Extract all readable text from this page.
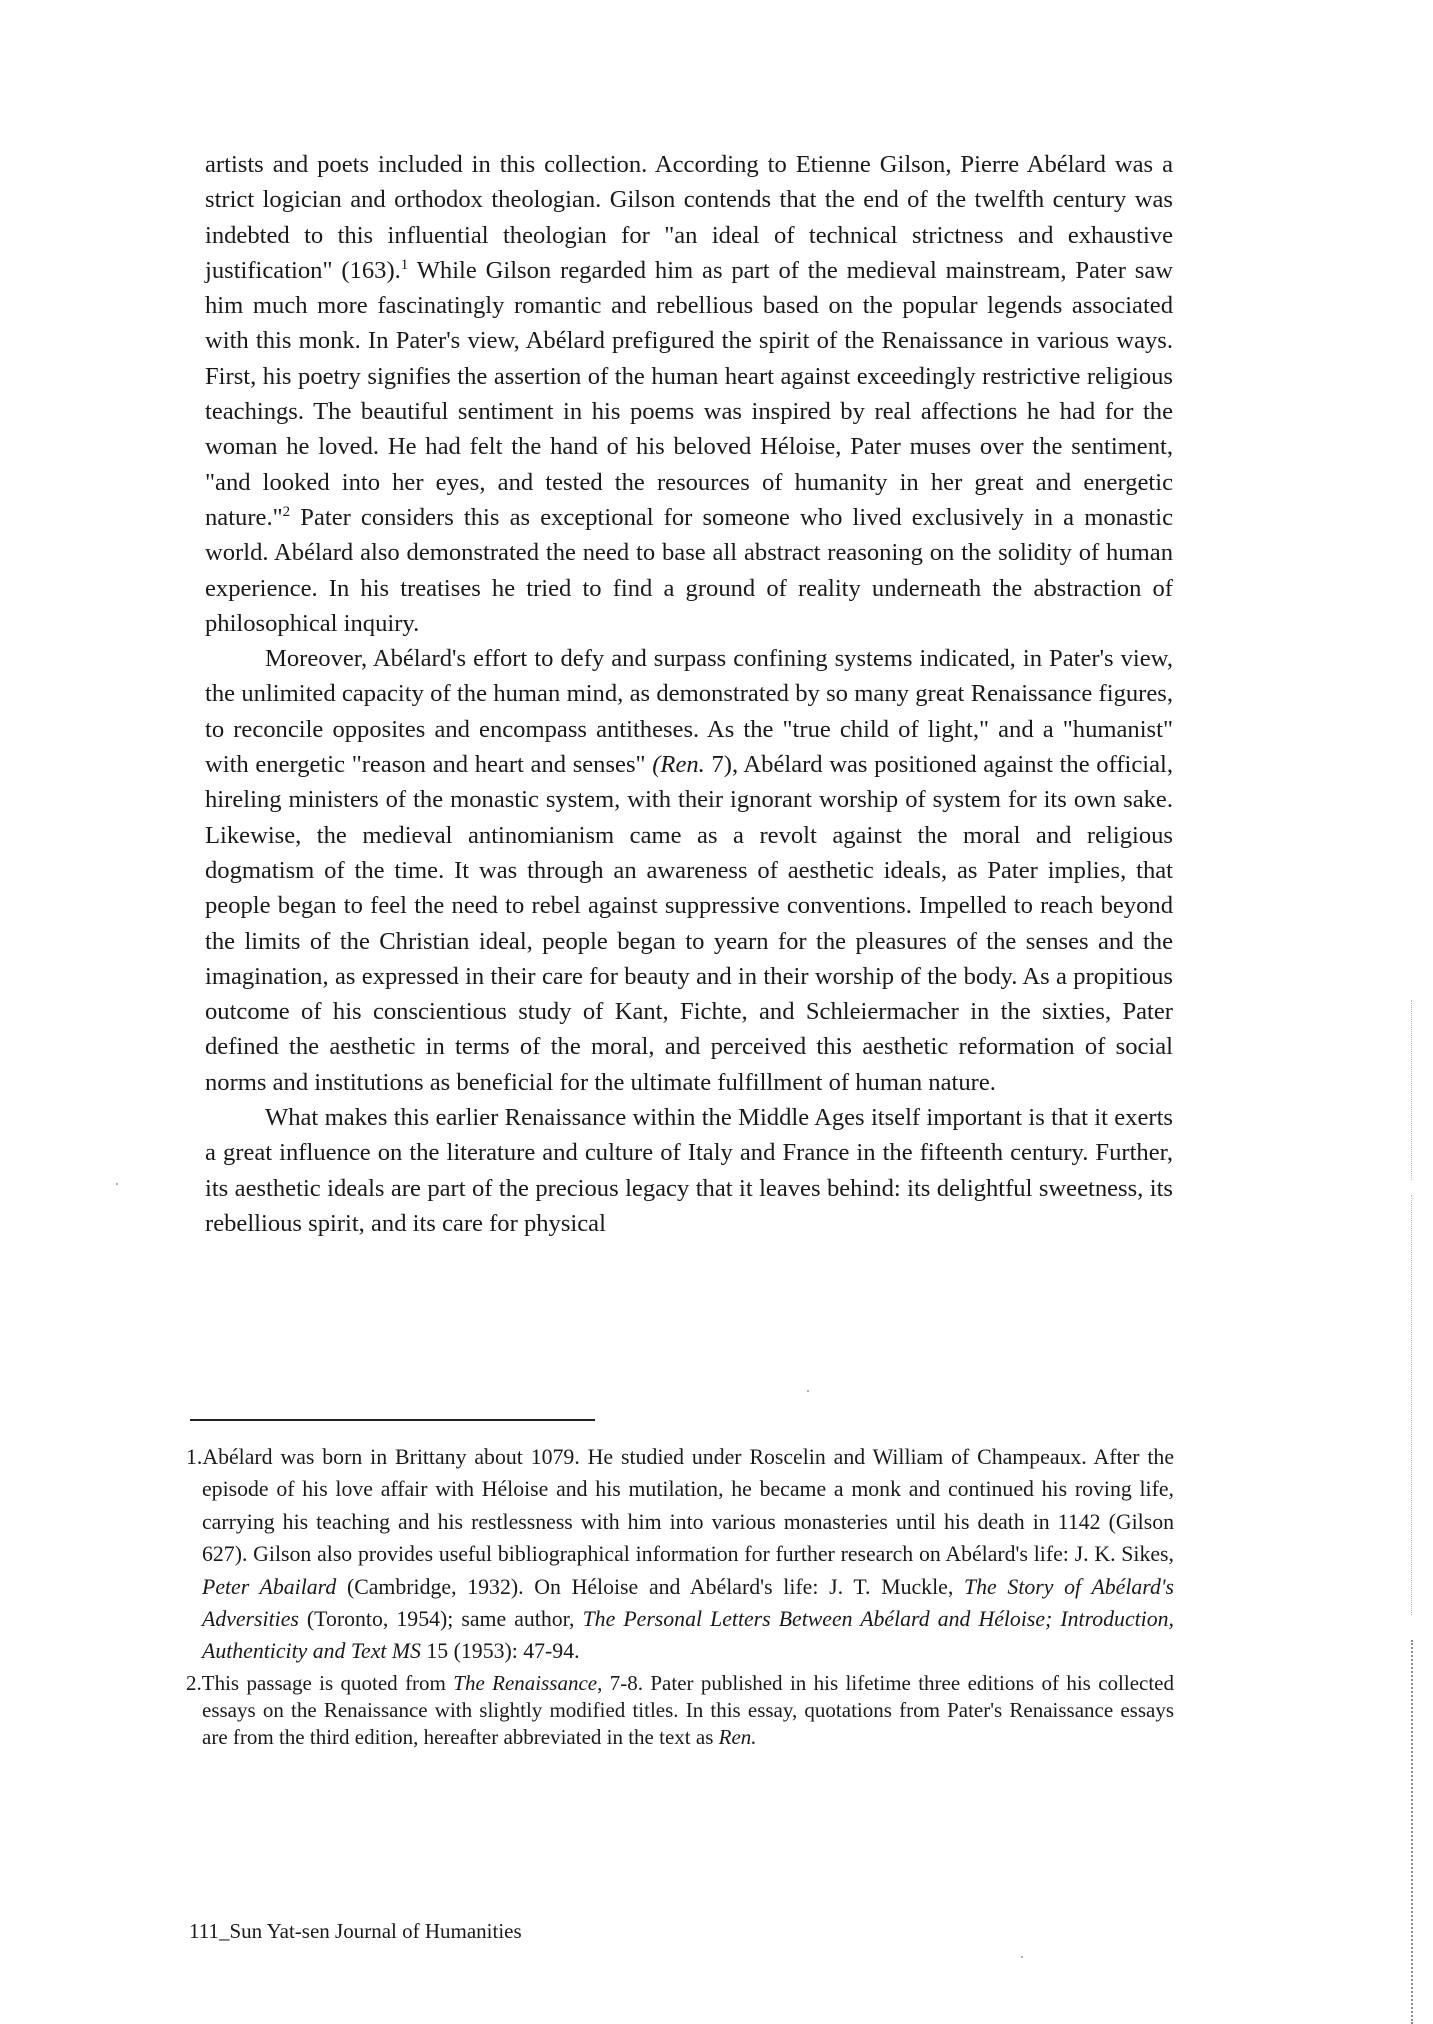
artists and poets included in this collection. According to Etienne Gilson, Pierre Abélard was a strict logician and orthodox theologian. Gilson contends that the end of the twelfth century was indebted to this influential theologian for "an ideal of technical strictness and exhaustive justification" (163).$^1$ While Gilson regarded him as part of the medieval mainstream, Pater saw him much more fascinatingly romantic and rebellious based on the popular legends associated with this monk. In Pater's view, Abélard prefigured the spirit of the Renaissance in various ways. First, his poetry signifies the assertion of the human heart against exceedingly restrictive religious teachings. The beautiful sentiment in his poems was inspired by real affections he had for the woman he loved. He had felt the hand of his beloved Héloise, Pater muses over the sentiment, "and looked into her eyes, and tested the resources of humanity in her great and energetic nature."$^2$ Pater considers this as exceptional for someone who lived exclusively in a monastic world. Abélard also demonstrated the need to base all abstract reasoning on the solidity of human experience. In his treatises he tried to find a ground of reality underneath the abstraction of philosophical inquiry.

Moreover, Abélard's effort to defy and surpass confining systems indicated, in Pater's view, the unlimited capacity of the human mind, as demonstrated by so many great Renaissance figures, to reconcile opposites and encompass antitheses. As the "true child of light," and a "humanist" with energetic "reason and heart and senses" (Ren. 7), Abélard was positioned against the official, hireling ministers of the monastic system, with their ignorant worship of system for its own sake. Likewise, the medieval antinomianism came as a revolt against the moral and religious dogmatism of the time. It was through an awareness of aesthetic ideals, as Pater implies, that people began to feel the need to rebel against suppressive conventions. Impelled to reach beyond the limits of the Christian ideal, people began to yearn for the pleasures of the senses and the imagination, as expressed in their care for beauty and in their worship of the body. As a propitious outcome of his conscientious study of Kant, Fichte, and Schleiermacher in the sixties, Pater defined the aesthetic in terms of the moral, and perceived this aesthetic reformation of social norms and institutions as beneficial for the ultimate fulfillment of human nature.

What makes this earlier Renaissance within the Middle Ages itself important is that it exerts a great influence on the literature and culture of Italy and France in the fifteenth century. Further, its aesthetic ideals are part of the precious legacy that it leaves behind: its delightful sweetness, its rebellious spirit, and its care for physical

1.Abélard was born in Brittany about 1079. He studied under Roscelin and William of Champeaux. After the episode of his love affair with Héloise and his mutilation, he became a monk and continued his roving life, carrying his teaching and his restlessness with him into various monasteries until his death in 1142 (Gilson 627). Gilson also provides useful bibliographical information for further research on Abélard's life: J. K. Sikes, Peter Abailard (Cambridge, 1932). On Héloise and Abélard's life: J. T. Muckle, The Story of Abélard's Adversities (Toronto, 1954); same author, The Personal Letters Between Abélard and Héloise; Introduction, Authenticity and Text MS 15 (1953): 47-94.

2.This passage is quoted from The Renaissance, 7-8. Pater published in his lifetime three editions of his collected essays on the Renaissance with slightly modified titles. In this essay, quotations from Pater's Renaissance essays are from the third edition, hereafter abbreviated in the text as Ren.

111_Sun Yat-sen Journal of Humanities
